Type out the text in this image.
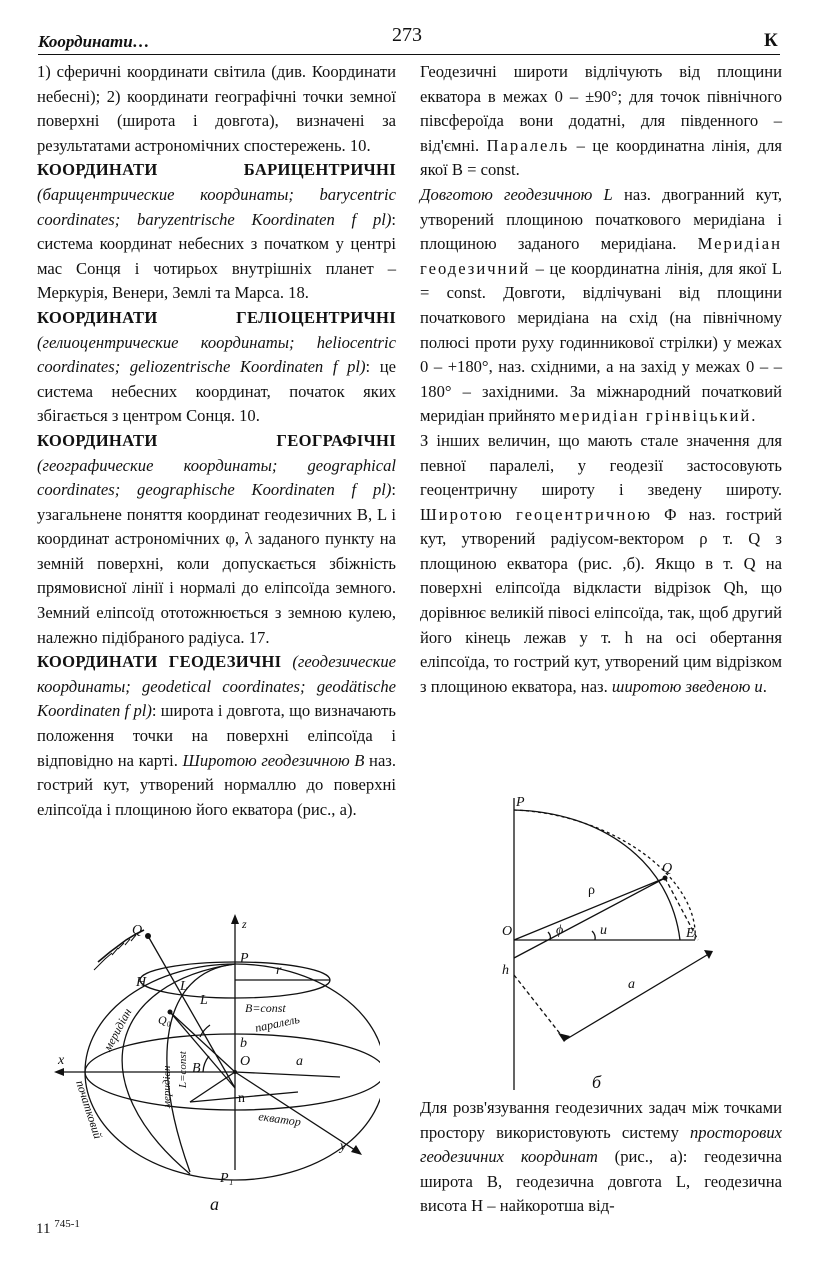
Координати…	273	К

1) сферичні координати світила (див. Координати небесні); 2) координати географічні точки земної поверхні (широта і довгота), визначені за результатами астрономічних спостережень. 10.

КООРДИНАТИ БАРИЦЕНТРИЧНІ (барицентрические координаты; barycentric coordinates; baryzentrische Koordinaten f pl): система координат небесних з початком у центрі мас Сонця і чотирьох внутрішніх планет – Меркурія, Венери, Землі та Марса. 18.

КООРДИНАТИ ГЕЛІОЦЕНТРИЧНІ (гелиоцентрические координаты; heliocentric coordinates; geliozentrische Koordinaten f pl): це система небесних координат, початок яких збігається з центром Сонця. 10.

КООРДИНАТИ ГЕОГРАФІЧНІ (географические координаты; geographical coordinates; geographische Koordinaten f pl): узагальнене поняття координат геодезичних B, L і координат астрономічних φ, λ заданого пункту на земній поверхні, коли допускається збіжність прямовисної лінії і нормалі до еліпсоїда земного. Земний еліпсоїд ототожнюється з земною кулею, належно підібраного радіуса. 17.

КООРДИНАТИ ГЕОДЕЗИЧНІ (геодезические координаты; geodetical coordinates; geodätische Koordinaten f pl): широта і довгота, що визначають положення точки на поверхні еліпсоїда і відповідно на карті. Широтою геодезичною B наз. гострий кут, утворений нормаллю до поверхні еліпсоїда і площиною його екватора (рис., а).

Геодезичні широти відлічують від площини екватора в межах 0 – ±90°; для точок північного півсфероїда вони додатні, для південного – від'ємні. Паралель – це координатна лінія, для якої B = const.

Довготою геодезичною L наз. двогранний кут, утворений площиною початкового меридіана і площиною заданого меридіана. Меридіан геодезичний – це координатна лінія, для якої L = const. Довготи, відлічувані від площини початкового меридіана на схід (на північному полюсі проти руху годинникової стрілки) у межах 0 – +180°, наз. східними, а на захід у межах 0 – –180° – західними. За міжнародний початковий меридіан прийнято меридіан грінвіцький.

З інших величин, що мають стале значення для певної паралелі, у геодезії застосовують геоцентричну широту і зведену широту. Широтою геоцентричною Φ наз. гострий кут, утворений радіусом-вектором ρ т. Q з площиною екватора (рис. ,б). Якщо в т. Q на поверхні еліпсоїда відкласти відрізок Qh, що дорівнює великій півосі еліпсоїда, так, щоб другий його кінець лежав у т. h на осі обертання еліпсоїда, то гострий кут, утворений цим відрізком з площиною екватора, наз. широтою зведеною u.

Для розв'язування геодезичних задач між точками простору використовують систему просторових геодезичних координат (рис., а): геодезична широта B, геодезична довгота L, геодезична висота H – найкоротша від-

Q	z
P
H L
L
r
B=const
паралель
меридіан Q₀
b
x	O	a
B
L=const
меридіан
початковий	n
екватор
y
P₁
а
P
Q
ρ
O	ϕ	u	E
h
a
б
11 $^{745-1}$
